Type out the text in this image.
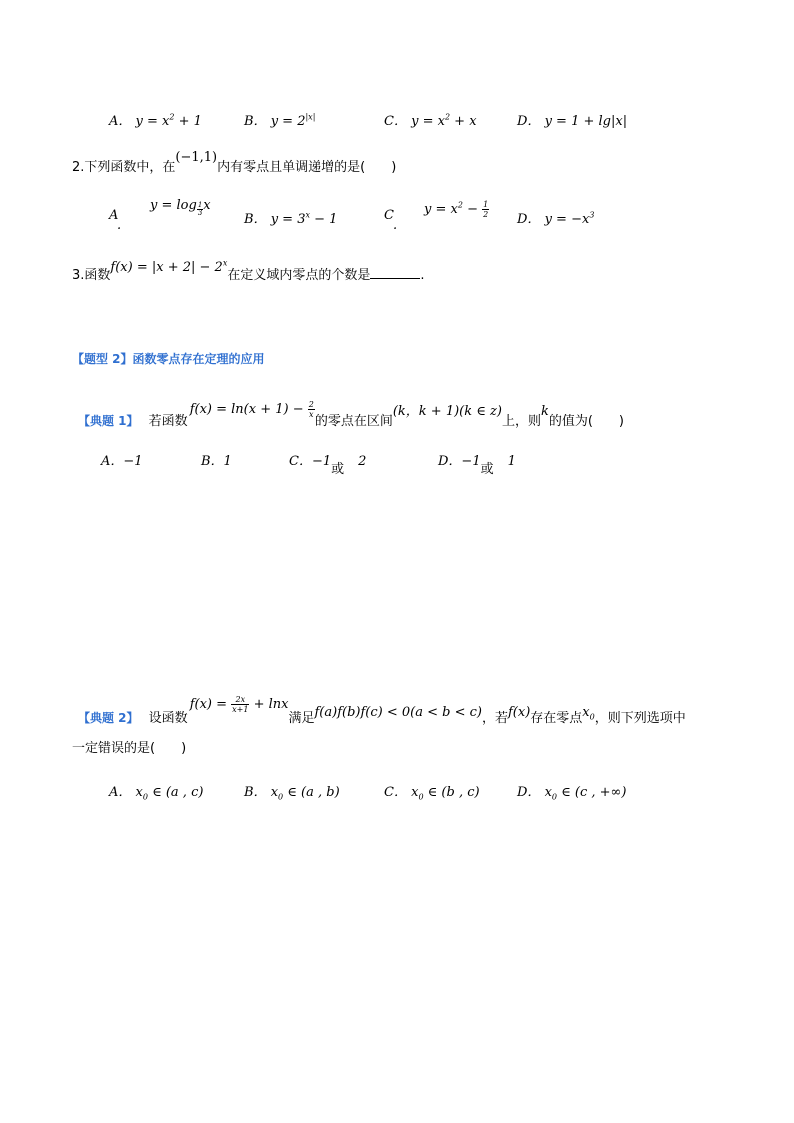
A． $y = x^2 + 1$	B． $y = 2^{|x|}$	C． $y = x^2 + x$	D． y = 1 + lg|x|
2.下列函数中，在(−1,1)内有零点且单调递增的是(　　)
A
.
$y = \log \frac{1}{3}$ x
B． $y = 3^x - 1$	C
.
$y = x^2 - \frac{1}{2}$
D． $y = -x^3$
3.函数$f(x) = |x + 2| - 2^x$在定义域内零点的个数是	.
【题型 2】函数零点存在定理的应用
【典题 1】 若函数$f(x) = \ln(x + 1) - \frac{2}{x}$
的零点在区间(k，k + 1)(k ∈ z)上，则k的值为(　　)
A．−1	B．1	C．−1或2	D．−1或1
【典题 2】 设函数$f(x) = \frac{2x}{x+1} + \ln x$满足f(a)f(b)f(c) < 0(a < b < c)，若f(x)存在零点$x_0$，则下列选项中
一定错误的是(　　)
A． $x_0$ ∈ (a , c)	B． $x_0$ ∈ (a , b)	C． $x_0$ ∈ (b , c)	D． $x_0$ ∈ (c , +∞)
